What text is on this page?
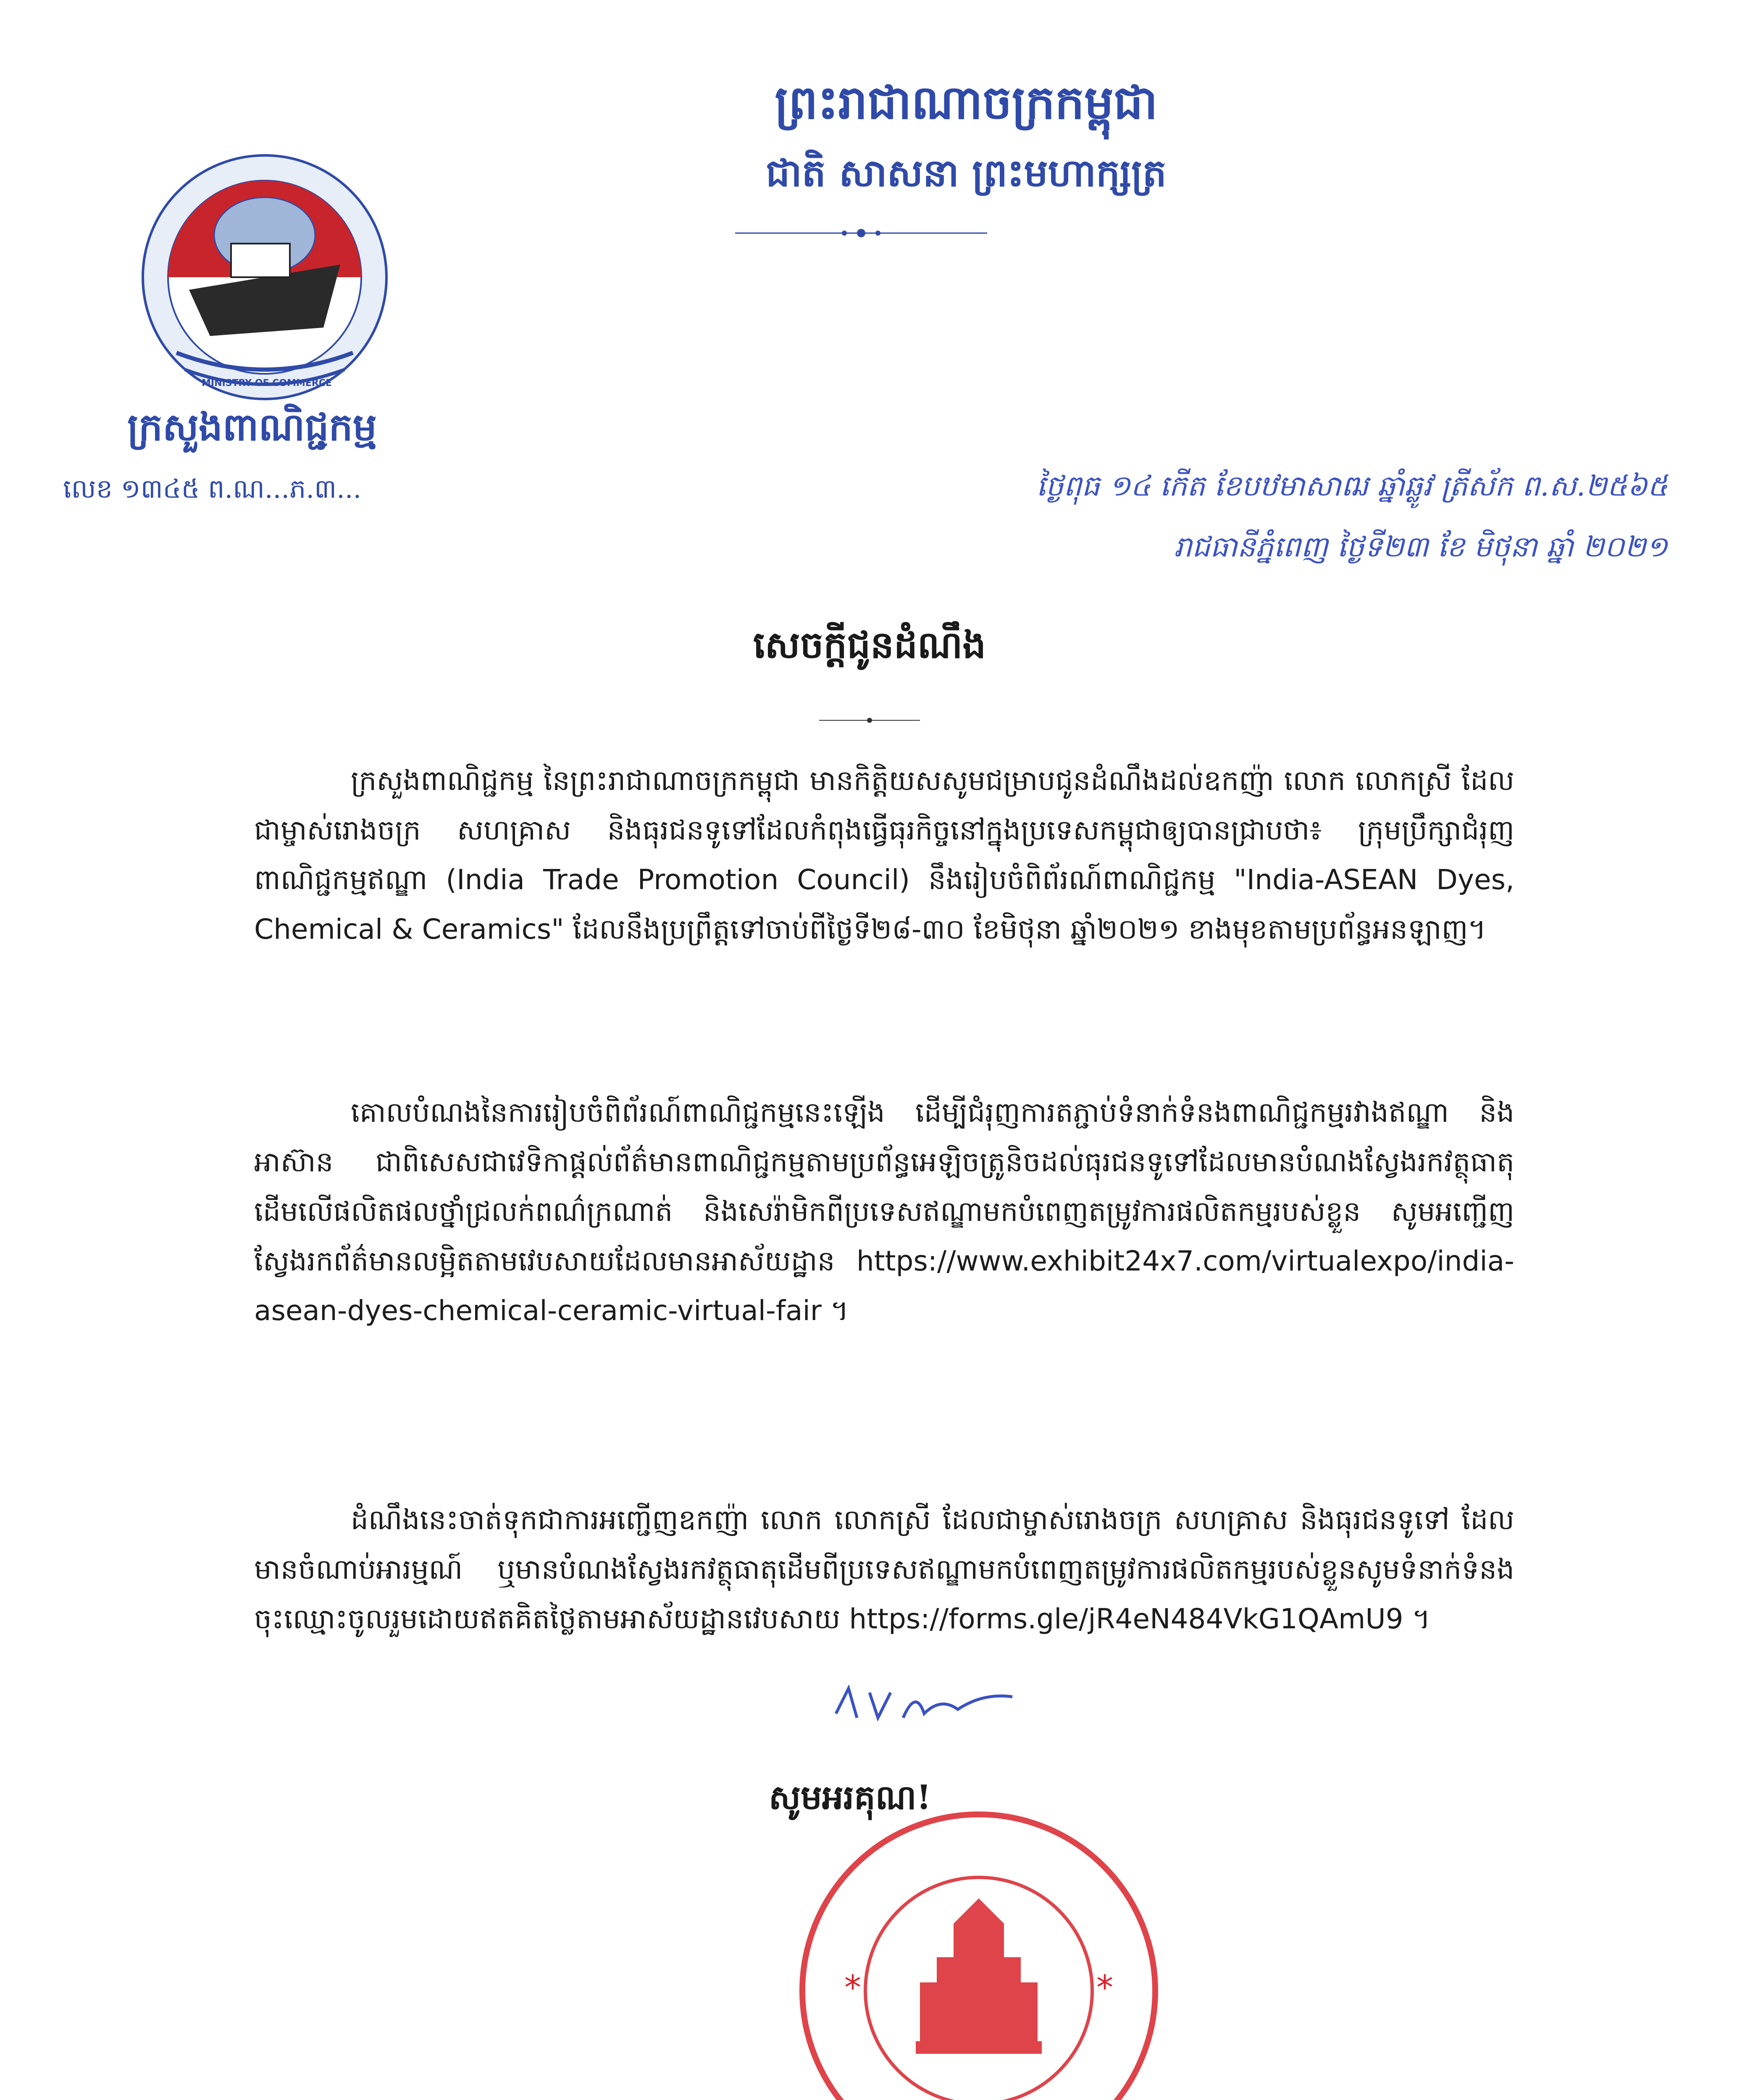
MINISTRY OF COMMERCE
ក្រសួងពាណិជ្ជកម្ម
លេខ ១៣៤៥ ព.ណ...ភ.៣...
ព្រះរាជាណាចក្រកម្ពុជា
ជាតិ សាសនា ព្រះមហាក្សត្រ
ថ្ងៃពុធ ១៤ កើត ខែបឋមាសាឍ ឆ្នាំឆ្លូវ ត្រីស័ក ព.ស.២៥៦៥
រាជធានីភ្នំពេញ ថ្ងៃទី២៣ ខែ មិថុនា ឆ្នាំ ២០២១
សេចក្ដីជូនដំណឹង
ក្រសួងពាណិជ្ជកម្ម នៃព្រះរាជាណាចក្រកម្ពុជា មានកិត្តិយសសូមជម្រាបជូនដំណឹងដល់ឧកញ៉ា លោក លោកស្រី ដែលជាម្ចាស់រោងចក្រ សហគ្រាស និងធុរជនទូទៅដែលកំពុងធ្វើធុរកិច្ចនៅក្នុងប្រទេសកម្ពុជាឲ្យបានជ្រាបថា៖ ក្រុមប្រឹក្សាជំរុញពាណិជ្ជកម្មឥណ្ឌា (India Trade Promotion Council) នឹងរៀបចំពិព័រណ៍ពាណិជ្ជកម្ម "India-ASEAN Dyes, Chemical & Ceramics" ដែលនឹងប្រព្រឹត្តទៅចាប់ពីថ្ងៃទី២៨-៣០ ខែមិថុនា ឆ្នាំ២០២១ ខាងមុខតាមប្រព័ន្ធអនឡាញ។
គោលបំណងនៃការរៀបចំពិព័រណ៍ពាណិជ្ជកម្មនេះឡើង ដើម្បីជំរុញការតភ្ជាប់ទំនាក់ទំនងពាណិជ្ជកម្មរវាងឥណ្ឌា និងអាស៊ាន ជាពិសេសជាវេទិកាផ្ដល់ព័ត៌មានពាណិជ្ជកម្មតាមប្រព័ន្ធអេឡិចត្រូនិចដល់ធុរជនទូទៅដែលមានបំណងស្វែងរកវត្ថុធាតុដើមលើផលិតផលថ្នាំជ្រលក់ពណ៌ក្រណាត់ និងសេរ៉ាមិកពីប្រទេសឥណ្ឌាមកបំពេញតម្រូវការផលិតកម្មរបស់ខ្លួន សូមអញ្ជើញស្វែងរកព័ត៌មានលម្អិតតាមវេបសាយដែលមានអាស័យដ្ឋាន https://www.exhibit24x7.com/virtualexpo/india-asean-dyes-chemical-ceramic-virtual-fair ។
ដំណឹងនេះចាត់ទុកជាការអញ្ជើញឧកញ៉ា លោក លោកស្រី ដែលជាម្ចាស់រោងចក្រ សហគ្រាស និងធុរជនទូទៅ ដែលមានចំណាប់អារម្មណ៍ ឬមានបំណងស្វែងរកវត្ថុធាតុដើមពីប្រទេសឥណ្ឌាមកបំពេញតម្រូវការផលិតកម្មរបស់ខ្លួនសូមទំនាក់ទំនងចុះឈ្មោះចូលរួមដោយឥតគិតថ្លៃតាមអាស័យដ្ឋានវេបសាយ https://forms.gle/jR4eN484VkG1QAmU9 ។
សូមអរគុណ!
*	*
